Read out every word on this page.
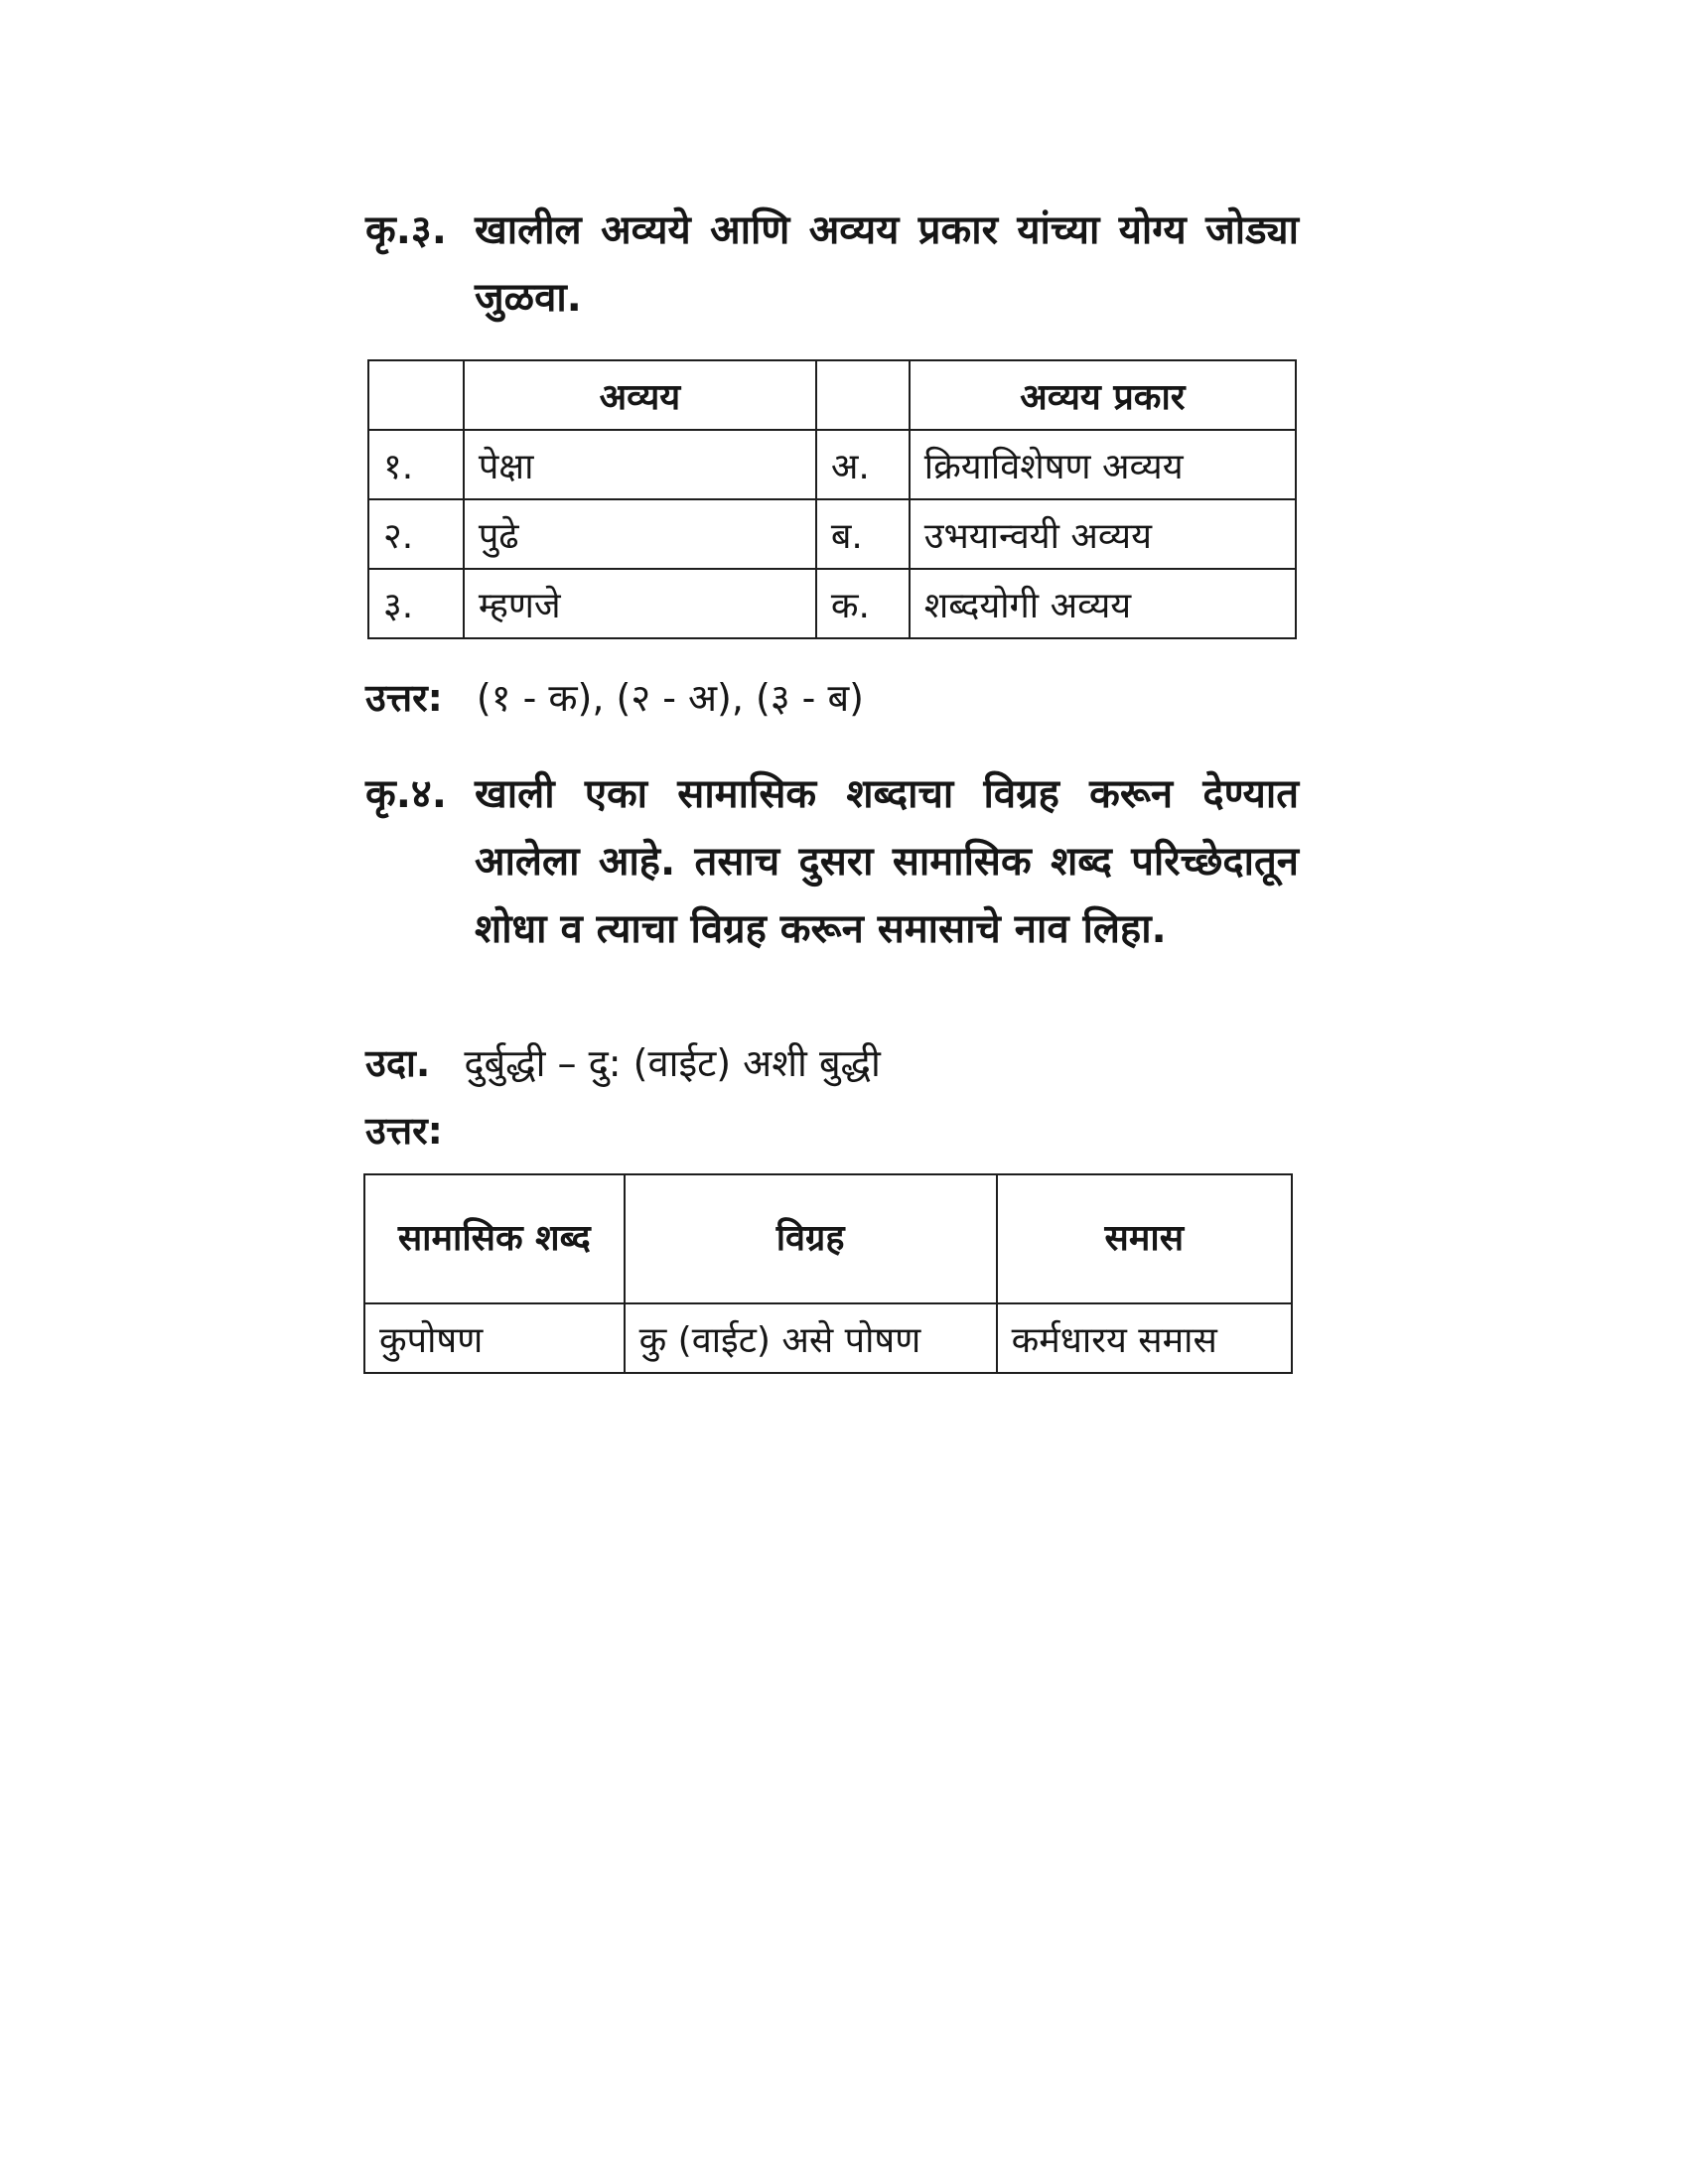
कृ.३. खालील अव्यये आणि अव्यय प्रकार यांच्या योग्य जोड्या जुळवा.
	अव्यय		अव्यय प्रकार
१.	पेक्षा	अ.	क्रियाविशेषण अव्यय
२.	पुढे	ब.	उभयान्वयी अव्यय
३.	म्हणजे	क.	शब्दयोगी अव्यय
उत्तर: (१ - क), (२ - अ), (३ - ब)
कृ.४. खाली एका सामासिक शब्दाचा विग्रह करून देण्यात आलेला आहे. तसाच दुसरा सामासिक शब्द परिच्छेदातून शोधा व त्याचा विग्रह करून समासाचे नाव लिहा.
उदा. दुर्बुद्धी – दु: (वाईट) अशी बुद्धी
उत्तर:
सामासिक शब्द	विग्रह	समास
कुपोषण	कु (वाईट) असे पोषण	कर्मधारय समास
